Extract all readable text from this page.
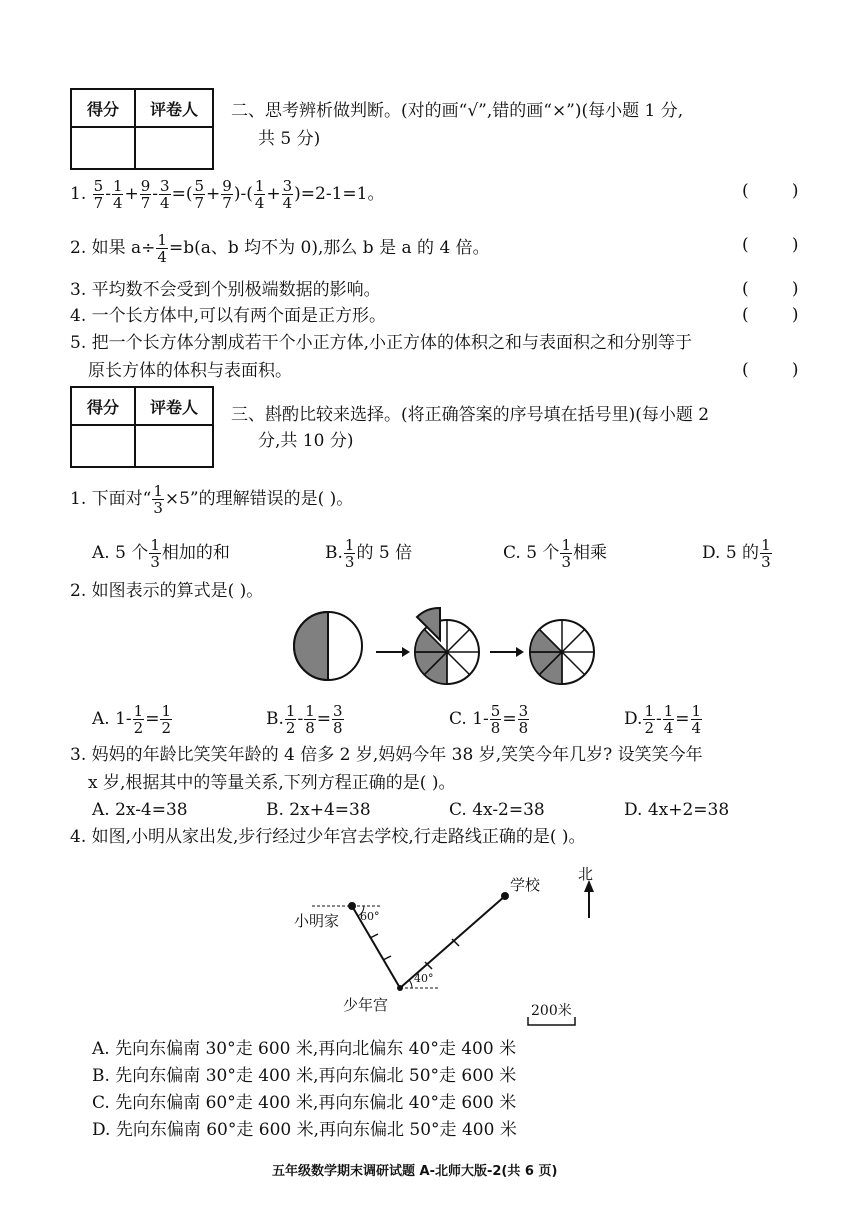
得分	评卷人
	二、思考辨析做判断。(对的画“√”,错的画“×”)(每小题 1 分,
共 5 分)
1. $\frac{5}{7} - \frac{1}{4} + \frac{9}{7} - \frac{3}{4}$ =( $\frac{5}{7} + \frac{9}{7}$ )-( $\frac{1}{4} + \frac{3}{4} )=2-1=1$。	(        )
2. 如果 $a\div \frac{1}{4} =b(a$、b 均不为 0),那么 b 是 a 的 4 倍。	(        )
3. 平均数不会受到个别极端数据的影响。	(        )
4. 一个长方体中,可以有两个面是正方形。	(        )
5. 把一个长方体分割成若干个小正方体,小正方体的体积之和与表面积之和分别等于
原长方体的体积与表面积。	(        )
得分	评卷人
	三、斟酌比较来选择。(将正确答案的序号填在括号里)(每小题 2
分,共 10 分)
1. 下面对“ $\frac{1}{3} \times 5$”的理解错误的是( )。
A. 5 个 $\frac{1}{3}$ 相加的和	B. $\frac{1}{3}$ 的 5 倍	C. 5 个 $\frac{1}{3}$ 相乘	D. 5 的 $\frac{1}{3}$
2. 如图表示的算式是( )。
A. $1- \frac{1}{2} = \frac{1}{2}$	B. $\frac{1}{2} - \frac{1}{8} = \frac{3}{8}$	C. $1- \frac{5}{8} = \frac{3}{8}$	D. $\frac{1}{2} - \frac{1}{4} = \frac{1}{4}$
3. 妈妈的年龄比笑笑年龄的 4 倍多 2 岁,妈妈今年 38 岁,笑笑今年几岁? 设笑笑今年
x 岁,根据其中的等量关系,下列方程正确的是( )。
A. 2x-4=38	B. 2x+4=38	C. 4x-2=38	D. 4x+2=38
4. 如图,小明从家出发,步行经过少年宫去学校,行走路线正确的是( )。
小明家 60°
40°
少年宫
学校
北
200米
A. 先向东偏南 30°走 600 米,再向北偏东 40°走 400 米
B. 先向东偏南 30°走 400 米,再向东偏北 50°走 600 米
C. 先向东偏南 60°走 400 米,再向东偏北 40°走 600 米
D. 先向东偏南 60°走 600 米,再向东偏北 50°走 400 米
五年级数学期末调研试题 A-北师大版-2(共 6 页)
